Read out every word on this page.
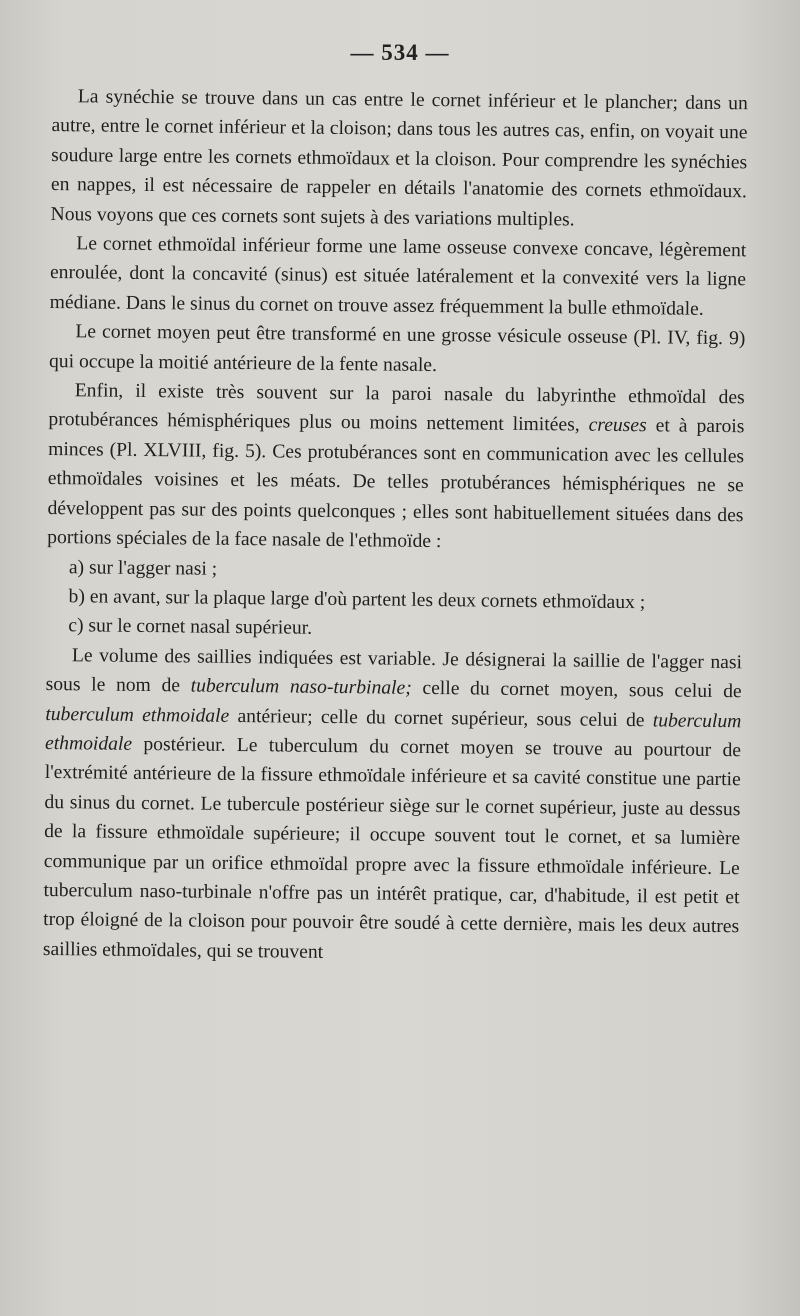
— 534 —

La synéchie se trouve dans un cas entre le cornet inférieur et le plancher; dans un autre, entre le cornet inférieur et la cloison; dans tous les autres cas, enfin, on voyait une soudure large entre les cornets ethmoïdaux et la cloison. Pour comprendre les synéchies en nappes, il est nécessaire de rappeler en détails l'anatomie des cornets ethmoïdaux. Nous voyons que ces cornets sont sujets à des variations multiples.

Le cornet ethmoïdal inférieur forme une lame osseuse convexe concave, légèrement enroulée, dont la concavité (sinus) est située latéralement et la convexité vers la ligne médiane. Dans le sinus du cornet on trouve assez fréquemment la bulle ethmoïdale.

Le cornet moyen peut être transformé en une grosse vésicule osseuse (Pl. IV, fig. 9) qui occupe la moitié antérieure de la fente nasale.

Enfin, il existe très souvent sur la paroi nasale du labyrinthe ethmoïdal des protubérances hémisphériques plus ou moins nettement limitées, creuses et à parois minces (Pl. XLVIII, fig. 5). Ces protubérances sont en communication avec les cellules ethmoïdales voisines et les méats. De telles protubérances hémisphériques ne se développent pas sur des points quelconques ; elles sont habituellement situées dans des portions spéciales de la face nasale de l'ethmoïde :

a) sur l'agger nasi ;

b) en avant, sur la plaque large d'où partent les deux cornets ethmoïdaux ;

c) sur le cornet nasal supérieur.

Le volume des saillies indiquées est variable. Je désignerai la saillie de l'agger nasi sous le nom de tuberculum naso-turbinale; celle du cornet moyen, sous celui de tuberculum ethmoidale antérieur; celle du cornet supérieur, sous celui de tuberculum ethmoidale postérieur. Le tuberculum du cornet moyen se trouve au pourtour de l'extrémité antérieure de la fissure ethmoïdale inférieure et sa cavité constitue une partie du sinus du cornet. Le tubercule postérieur siège sur le cornet supérieur, juste au dessus de la fissure ethmoïdale supérieure; il occupe souvent tout le cornet, et sa lumière communique par un orifice ethmoïdal propre avec la fissure ethmoïdale inférieure. Le tuberculum naso-turbinale n'offre pas un intérêt pratique, car, d'habitude, il est petit et trop éloigné de la cloison pour pouvoir être soudé à cette dernière, mais les deux autres saillies ethmoïdales, qui se trouvent
